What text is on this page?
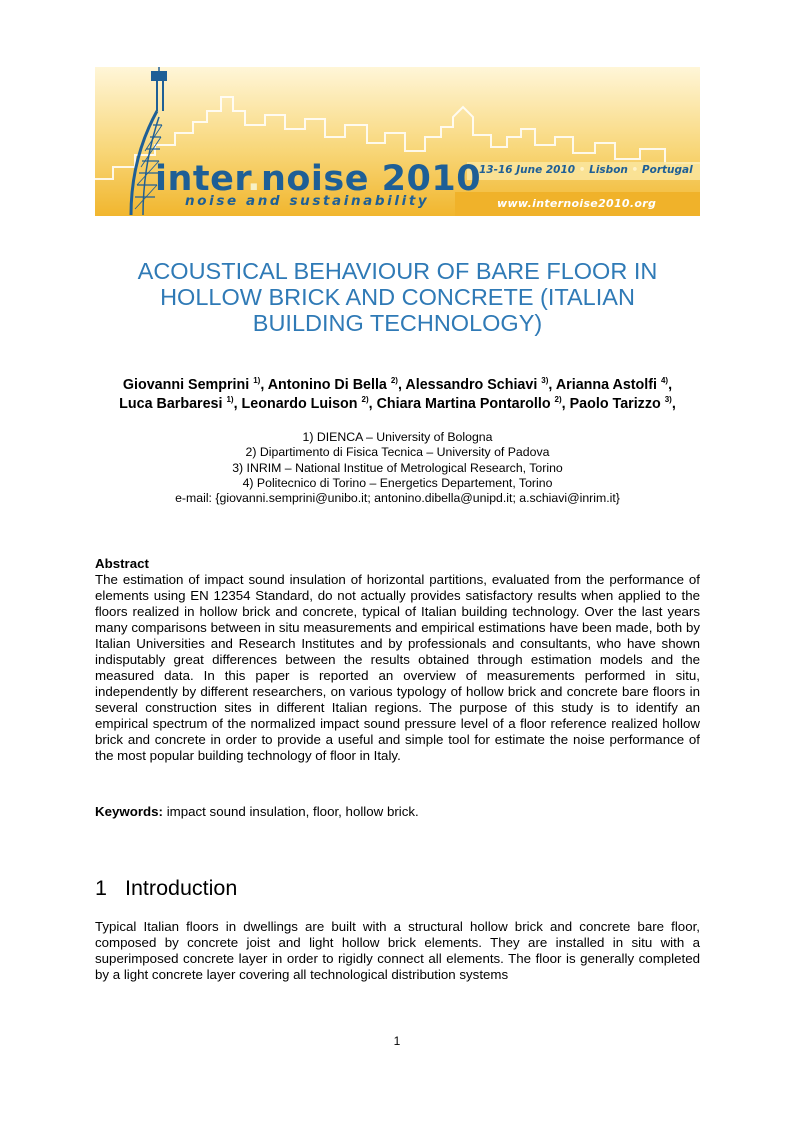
inter.noise 2010
noise and sustainability
13-16 June 2010 • Lisbon • Portugal
www.internoise2010.org
ACOUSTICAL BEHAVIOUR OF BARE FLOOR IN
HOLLOW BRICK AND CONCRETE (ITALIAN
BUILDING TECHNOLOGY)
Giovanni Semprini $^{1)}$, Antonino Di Bella $^{2)}$, Alessandro Schiavi $^{3)}$, Arianna Astolfi $^{4)}$,
Luca Barbaresi $^{1)}$, Leonardo Luison $^{2)}$, Chiara Martina Pontarollo $^{2)}$, Paolo Tarizzo $^{3)}$,
1) DIENCA – University of Bologna
2) Dipartimento di Fisica Tecnica – University of Padova
3) INRIM – National Institue of Metrological Research, Torino
4) Politecnico di Torino – Energetics Departement, Torino
e-mail: {giovanni.semprini@unibo.it; antonino.dibella@unipd.it; a.schiavi@inrim.it}
Abstract

The estimation of impact sound insulation of horizontal partitions, evaluated from the performance of elements using EN 12354 Standard, do not actually provides satisfactory results when applied to the floors realized in hollow brick and concrete, typical of Italian building technology. Over the last years many comparisons between in situ measurements and empirical estimations have been made, both by Italian Universities and Research Institutes and by professionals and consultants, who have shown indisputably great differences between the results obtained through estimation models and the measured data. In this paper is reported an overview of measurements performed in situ, independently by different researchers, on various typology of hollow brick and concrete bare floors in several construction sites in different Italian regions. The purpose of this study is to identify an empirical spectrum of the normalized impact sound pressure level of a floor reference realized hollow brick and concrete in order to provide a useful and simple tool for estimate the noise performance of the most popular building technology of floor in Italy.

Keywords: impact sound insulation, floor, hollow brick.

1 Introduction

Typical Italian floors in dwellings are built with a structural hollow brick and concrete bare floor, composed by concrete joist and light hollow brick elements. They are installed in situ with a superimposed concrete layer in order to rigidly connect all elements. The floor is generally completed by a light concrete layer covering all technological distribution systems

1
